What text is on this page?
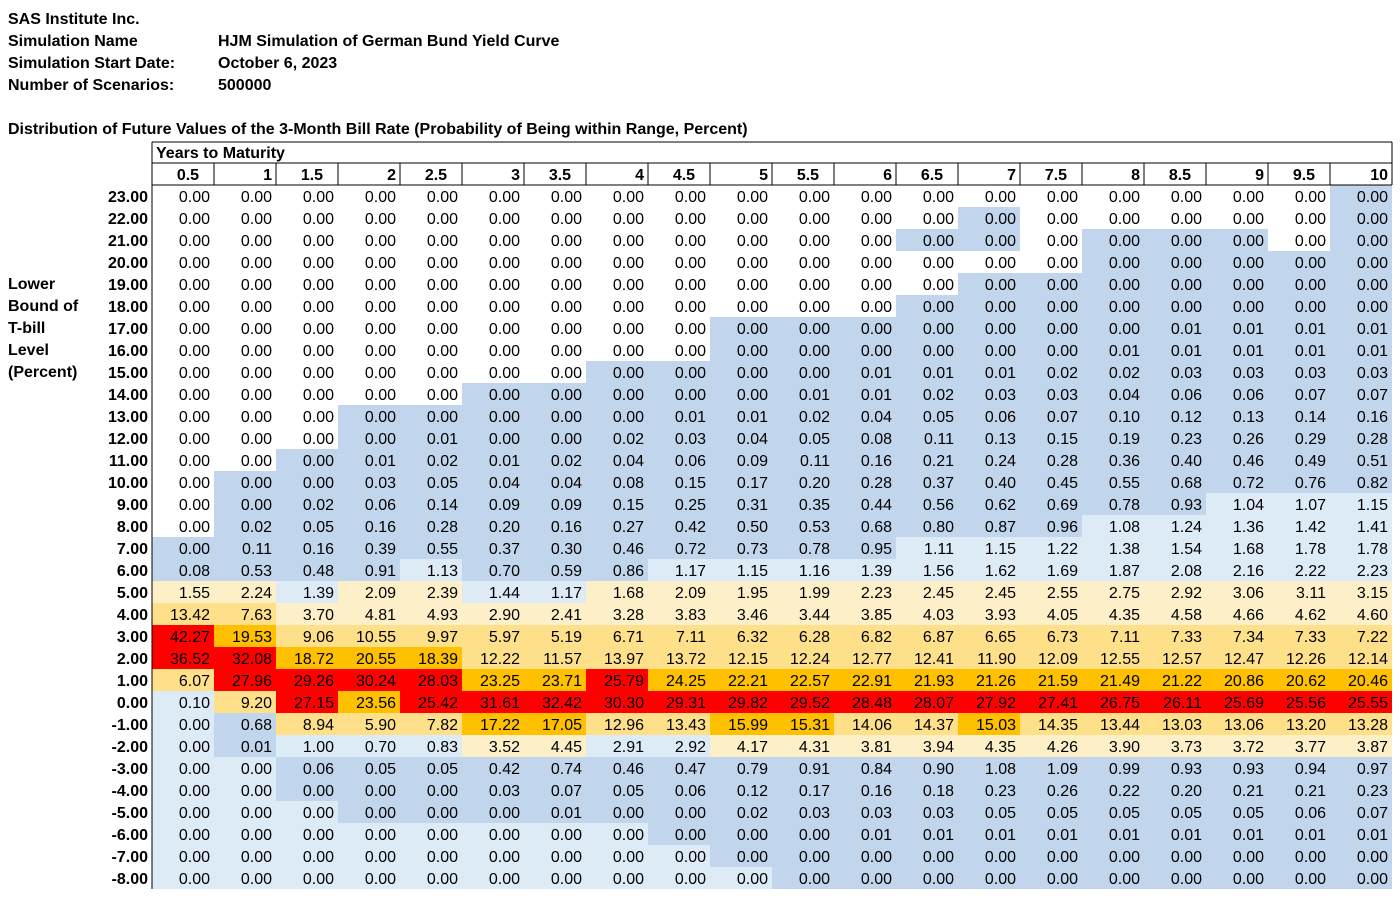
SAS Institute Inc.
Simulation Name	HJM Simulation of German Bund Yield Curve
Simulation Start Date:	October 6, 2023
Number of Scenarios:	500000
Distribution of Future Values of the 3-Month Bill Rate (Probability of Being within Range, Percent)
Lower
Bound of
T-bill
Level
(Percent)
Years to Maturity
0.5	1 1.5	2 2.5	3 3.5	4 4.5	5 5.5	6 6.5	7 7.5	8 8.5	9 9.5	10
23.00 0.00 0.00 0.00 0.00 0.00 0.00 0.00 0.00 0.00 0.00 0.00 0.00 0.00 0.00 0.00 0.00 0.00 0.00 0.00 0.00
22.00 0.00 0.00 0.00 0.00 0.00 0.00 0.00 0.00 0.00 0.00 0.00 0.00 0.00 0.00 0.00 0.00 0.00 0.00 0.00 0.00
21.00 0.00 0.00 0.00 0.00 0.00 0.00 0.00 0.00 0.00 0.00 0.00 0.00 0.00 0.00 0.00 0.00 0.00 0.00 0.00 0.00
20.00 0.00 0.00 0.00 0.00 0.00 0.00 0.00 0.00 0.00 0.00 0.00 0.00 0.00 0.00 0.00 0.00 0.00 0.00 0.00 0.00
19.00 0.00 0.00 0.00 0.00 0.00 0.00 0.00 0.00 0.00 0.00 0.00 0.00 0.00 0.00 0.00 0.00 0.00 0.00 0.00 0.00
18.00 0.00 0.00 0.00 0.00 0.00 0.00 0.00 0.00 0.00 0.00 0.00 0.00 0.00 0.00 0.00 0.00 0.00 0.00 0.00 0.00
17.00 0.00 0.00 0.00 0.00 0.00 0.00 0.00 0.00 0.00 0.00 0.00 0.00 0.00 0.00 0.00 0.00 0.01 0.01 0.01 0.01
16.00 0.00 0.00 0.00 0.00 0.00 0.00 0.00 0.00 0.00 0.00 0.00 0.00 0.00 0.00 0.00 0.01 0.01 0.01 0.01 0.01
15.00 0.00 0.00 0.00 0.00 0.00 0.00 0.00 0.00 0.00 0.00 0.00 0.01 0.01 0.01 0.02 0.02 0.03 0.03 0.03 0.03
14.00 0.00 0.00 0.00 0.00 0.00 0.00 0.00 0.00 0.00 0.00 0.01 0.01 0.02 0.03 0.03 0.04 0.06 0.06 0.07 0.07
13.00 0.00 0.00 0.00 0.00 0.00 0.00 0.00 0.00 0.01 0.01 0.02 0.04 0.05 0.06 0.07 0.10 0.12 0.13 0.14 0.16
12.00 0.00 0.00 0.00 0.00 0.01 0.00 0.00 0.02 0.03 0.04 0.05 0.08 0.11 0.13 0.15 0.19 0.23 0.26 0.29 0.28
11.00 0.00 0.00 0.00 0.01 0.02 0.01 0.02 0.04 0.06 0.09 0.11 0.16 0.21 0.24 0.28 0.36 0.40 0.46 0.49 0.51
10.00 0.00 0.00 0.00 0.03 0.05 0.04 0.04 0.08 0.15 0.17 0.20 0.28 0.37 0.40 0.45 0.55 0.68 0.72 0.76 0.82
9.00 0.00 0.00 0.02 0.06 0.14 0.09 0.09 0.15 0.25 0.31 0.35 0.44 0.56 0.62 0.69 0.78 0.93 1.04 1.07 1.15
8.00 0.00 0.02 0.05 0.16 0.28 0.20 0.16 0.27 0.42 0.50 0.53 0.68 0.80 0.87 0.96 1.08 1.24 1.36 1.42 1.41
7.00 0.00 0.11 0.16 0.39 0.55 0.37 0.30 0.46 0.72 0.73 0.78 0.95 1.11 1.15 1.22 1.38 1.54 1.68 1.78 1.78
6.00 0.08 0.53 0.48 0.91 1.13 0.70 0.59 0.86 1.17 1.15 1.16 1.39 1.56 1.62 1.69 1.87 2.08 2.16 2.22 2.23
5.00 1.55 2.24 1.39 2.09 2.39 1.44 1.17 1.68 2.09 1.95 1.99 2.23 2.45 2.45 2.55 2.75 2.92 3.06 3.11 3.15
4.00 13.42 7.63 3.70 4.81 4.93 2.90 2.41 3.28 3.83 3.46 3.44 3.85 4.03 3.93 4.05 4.35 4.58 4.66 4.62 4.60
3.00 42.27 19.53 9.06 10.55 9.97 5.97 5.19 6.71 7.11 6.32 6.28 6.82 6.87 6.65 6.73 7.11 7.33 7.34 7.33 7.22
2.00 36.52 32.08 18.72 20.55 18.39 12.22 11.57 13.97 13.72 12.15 12.24 12.77 12.41 11.90 12.09 12.55 12.57 12.47 12.26 12.14
1.00 6.07 27.96 29.26 30.24 28.03 23.25 23.71 25.79 24.25 22.21 22.57 22.91 21.93 21.26 21.59 21.49 21.22 20.86 20.62 20.46
0.00 0.10 9.20 27.15 23.56 25.42 31.61 32.42 30.30 29.31 29.82 29.52 28.48 28.07 27.92 27.41 26.75 26.11 25.69 25.56 25.55
-1.00 0.00 0.68 8.94 5.90 7.82 17.22 17.05 12.96 13.43 15.99 15.31 14.06 14.37 15.03 14.35 13.44 13.03 13.06 13.20 13.28
-2.00 0.00 0.01 1.00 0.70 0.83 3.52 4.45 2.91 2.92 4.17 4.31 3.81 3.94 4.35 4.26 3.90 3.73 3.72 3.77 3.87
-3.00 0.00 0.00 0.06 0.05 0.05 0.42 0.74 0.46 0.47 0.79 0.91 0.84 0.90 1.08 1.09 0.99 0.93 0.93 0.94 0.97
-4.00 0.00 0.00 0.00 0.00 0.00 0.03 0.07 0.05 0.06 0.12 0.17 0.16 0.18 0.23 0.26 0.22 0.20 0.21 0.21 0.23
-5.00 0.00 0.00 0.00 0.00 0.00 0.00 0.01 0.00 0.00 0.02 0.03 0.03 0.03 0.05 0.05 0.05 0.05 0.05 0.06 0.07
-6.00 0.00 0.00 0.00 0.00 0.00 0.00 0.00 0.00 0.00 0.00 0.00 0.01 0.01 0.01 0.01 0.01 0.01 0.01 0.01 0.01
-7.00 0.00 0.00 0.00 0.00 0.00 0.00 0.00 0.00 0.00 0.00 0.00 0.00 0.00 0.00 0.00 0.00 0.00 0.00 0.00 0.00
-8.00 0.00 0.00 0.00 0.00 0.00 0.00 0.00 0.00 0.00 0.00 0.00 0.00 0.00 0.00 0.00 0.00 0.00 0.00 0.00 0.00
